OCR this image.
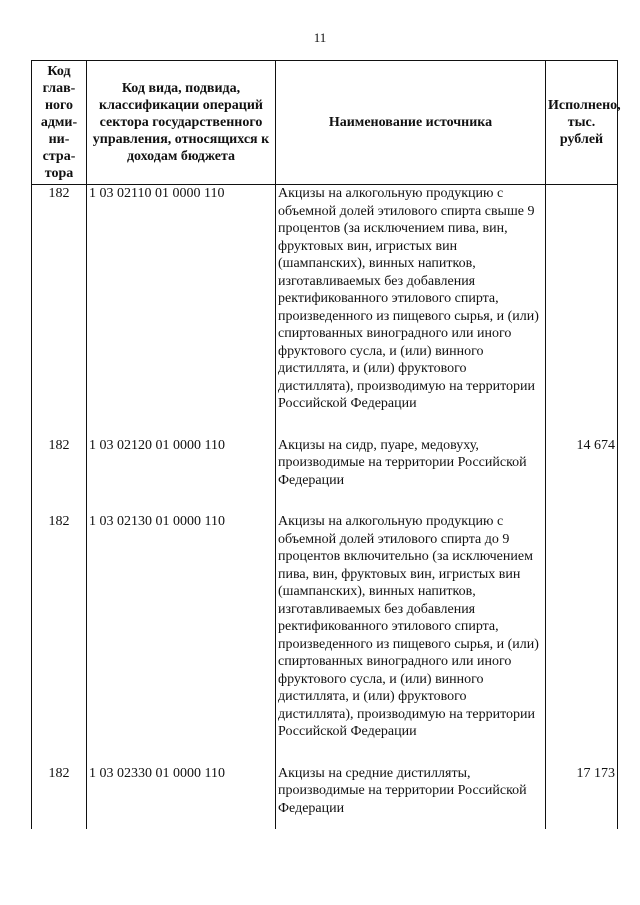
11
Код глав-ного адми-ни-стра-тора	Код вида, подвида, классификации операций сектора государственного управления, относящихся к доходам бюджета	Наименование источника	Исполнено, тыс. рублей
182	1 03 02110 01 0000 110	Акцизы на алкогольную продукцию с объемной долей этилового спирта свыше 9 процентов (за исключением пива, вин, фруктовых вин, игристых вин (шампанских), винных напитков, изготавливаемых без добавления ректификованного этилового спирта, произведенного из пищевого сырья, и (или) спиртованных виноградного или иного фруктового сусла, и (или) винного дистиллята, и (или) фруктового дистиллята), производимую на территории Российской Федерации	
182	1 03 02120 01 0000 110	Акцизы на сидр, пуаре, медовуху, производимые на территории Российской Федерации	14 674
182	1 03 02130 01 0000 110	Акцизы на алкогольную продукцию с объемной долей этилового спирта до 9 процентов включительно (за исключением пива, вин, фруктовых вин, игристых вин (шампанских), винных напитков, изготавливаемых без добавления ректификованного этилового спирта, произведенного из пищевого сырья, и (или) спиртованных виноградного или иного фруктового сусла, и (или) винного дистиллята, и (или) фруктового дистиллята), производимую на территории Российской Федерации	
182	1 03 02330 01 0000 110	Акцизы на средние дистилляты, производимые на территории Российской Федерации	17 173
